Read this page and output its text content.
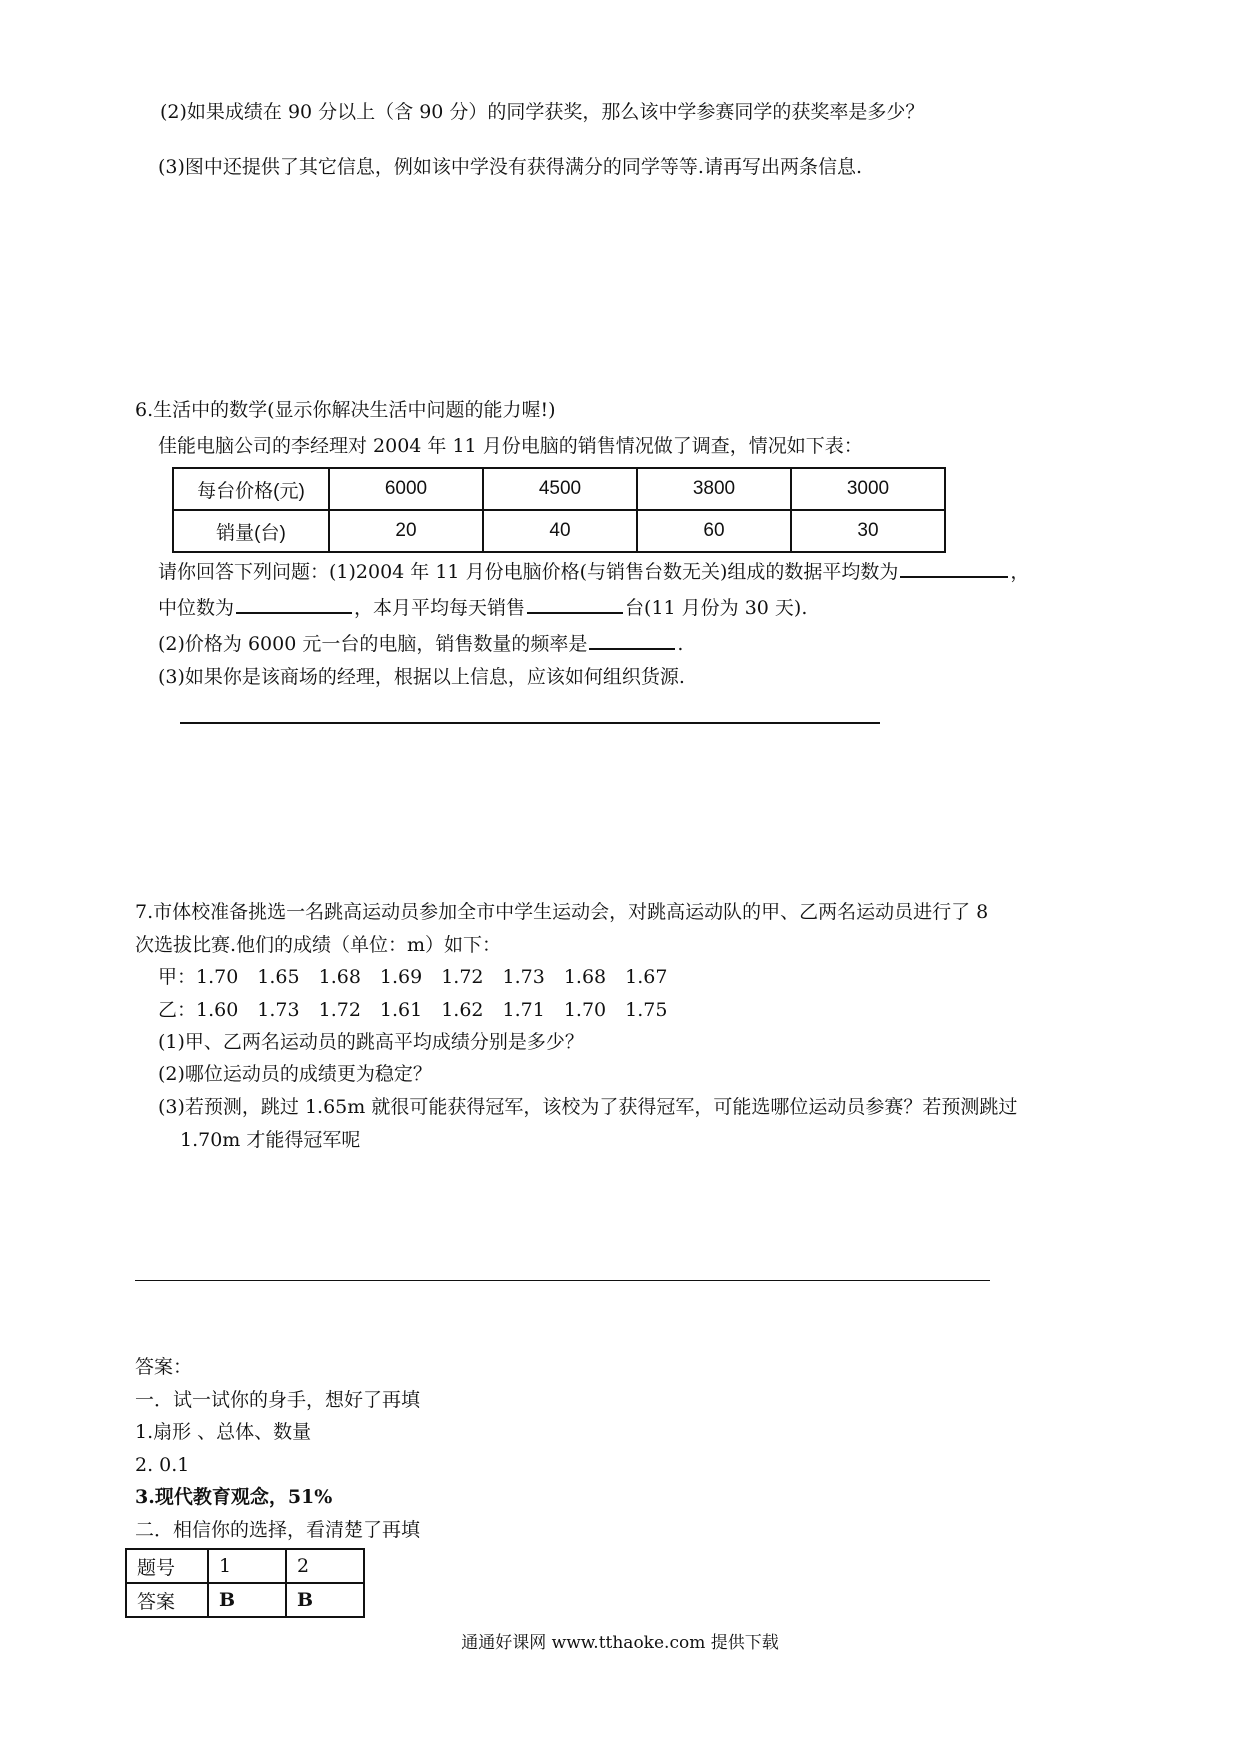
(2)如果成绩在 90 分以上（含 90 分）的同学获奖，那么该中学参赛同学的获奖率是多少？
(3)图中还提供了其它信息，例如该中学没有获得满分的同学等等.请再写出两条信息.
6.生活中的数学(显示你解决生活中问题的能力喔!)
佳能电脑公司的李经理对 2004 年 11 月份电脑的销售情况做了调查，情况如下表：
每台价格(元)	6000	4500	3800	3000
销量(台)	20	40	60	30
请你回答下列问题：(1)2004 年 11 月份电脑价格(与销售台数无关)组成的数据平均数为	，
中位数为	，本月平均每天销售	台(11 月份为 30 天).
(2)价格为 6000 元一台的电脑，销售数量的频率是	.
(3)如果你是该商场的经理，根据以上信息，应该如何组织货源.
7.市体校准备挑选一名跳高运动员参加全市中学生运动会，对跳高运动队的甲、乙两名运动员进行了 8
次选拔比赛.他们的成绩（单位：m）如下：
甲：1.70　1.65　1.68　1.69　1.72　1.73　1.68　1.67
乙：1.60　1.73　1.72　1.61　1.62　1.71　1.70　1.75
(1)甲、乙两名运动员的跳高平均成绩分别是多少？
(2)哪位运动员的成绩更为稳定？
(3)若预测，跳过 1.65m 就很可能获得冠军，该校为了获得冠军，可能选哪位运动员参赛？若预测跳过
1.70m 才能得冠军呢
答案：
一．试一试你的身手，想好了再填
1.扇形 、总体、数量
2. 0.1
3.现代教育观念，51%
二．相信你的选择，看清楚了再填
题号	1	2
答案	B	B
通通好课网 www.tthaoke.com 提供下载
